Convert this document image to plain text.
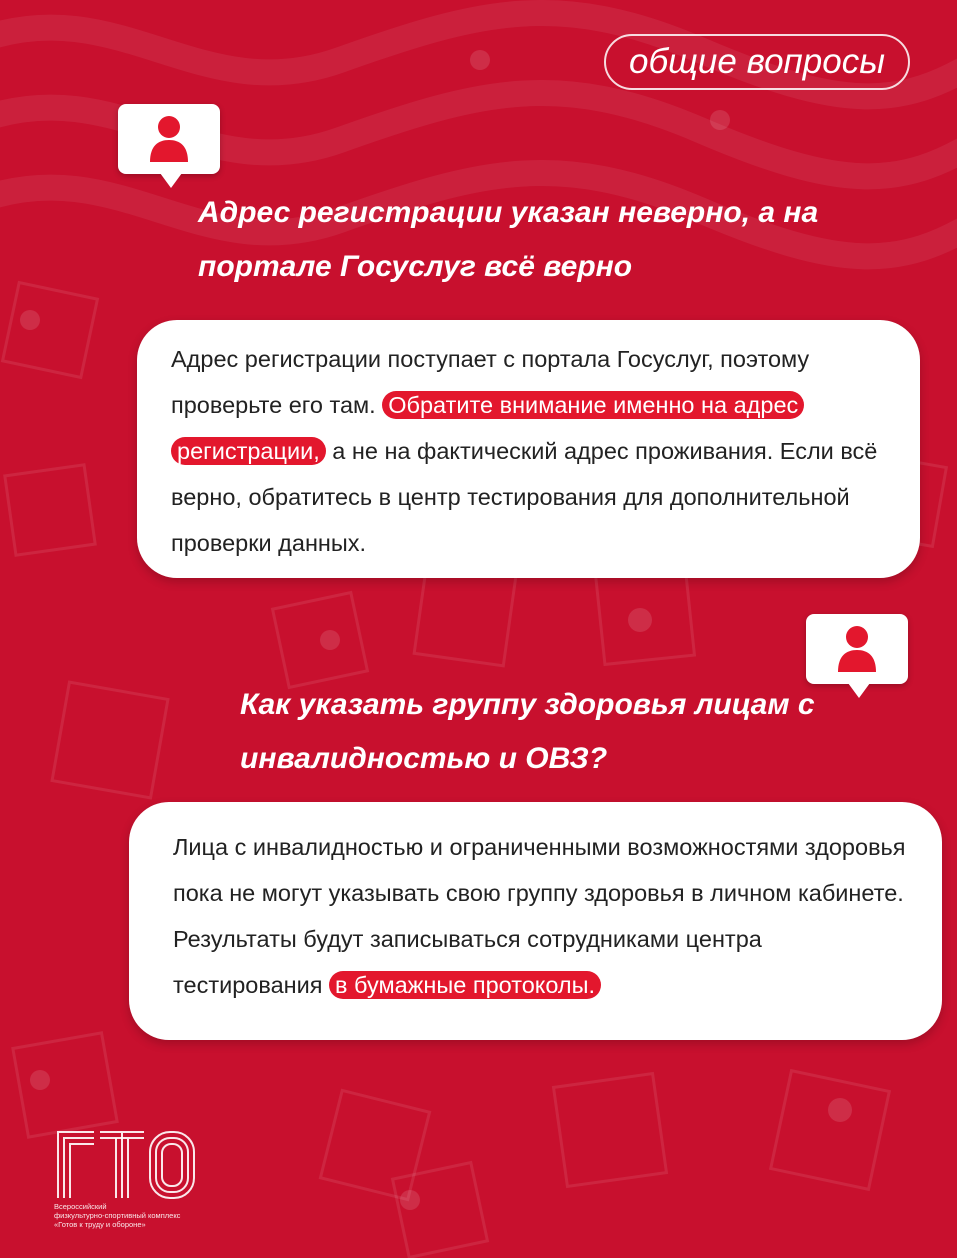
общие вопросы
Адрес регистрации указан неверно, а на портале Госуслуг всё верно

Адрес регистрации поступает с портала Госуслуг, поэтому проверьте его там. Обратите внимание именно на адрес регистрации, а не на фактический адрес проживания. Если всё верно, обратитесь в центр тестирования для дополнительной проверки данных.

Как указать группу здоровья лицам с инвалидностью и ОВЗ?

Лица с инвалидностью и ограниченными возможностями здоровья пока не могут указывать свою группу здоровья в личном кабинете. Результаты будут записываться сотрудниками центра тестирования в бумажные протоколы.

Всероссийский
физкультурно-спортивный комплекс
«Готов к труду и обороне»
